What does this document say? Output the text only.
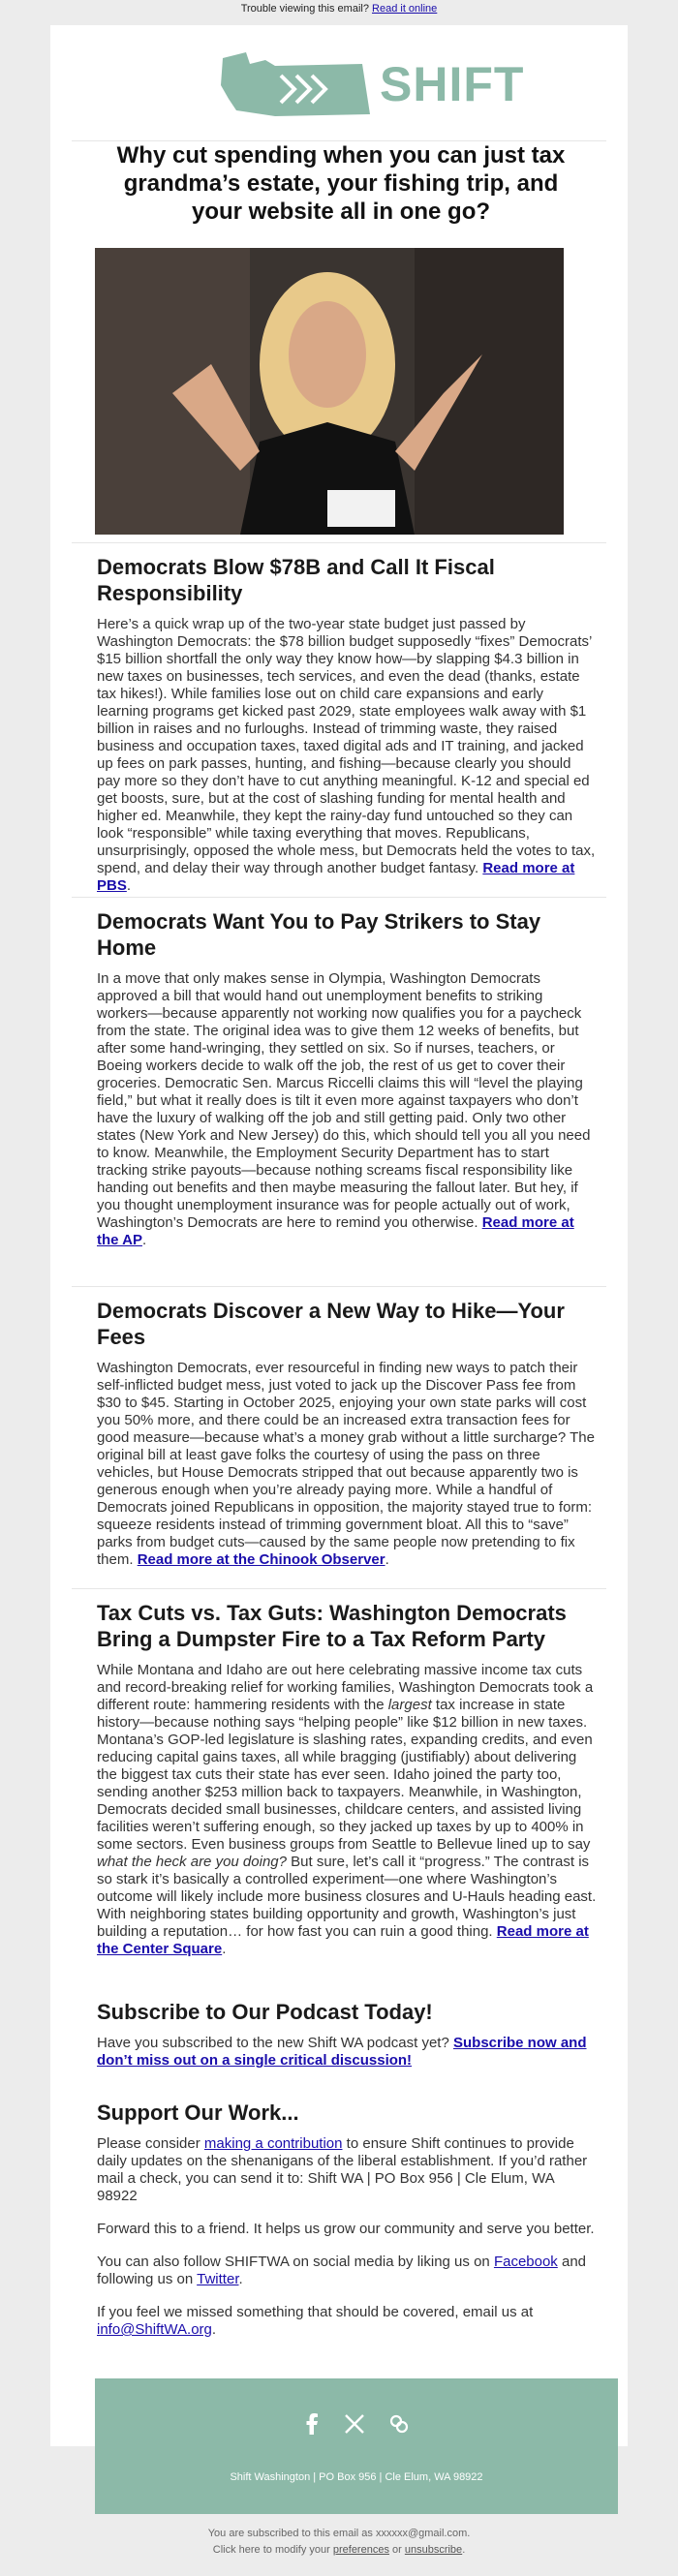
Trouble viewing this email? Read it online
SHIFT
Why cut spending when you can just tax grandma’s estate, your fishing trip, and your website all in one go?
Democrats Blow $78B and Call It Fiscal Responsibility

Here’s a quick wrap up of the two-year state budget just passed by Washington Democrats: the $78 billion budget supposedly “fixes” Democrats’ $15 billion shortfall the only way they know how—by slapping $4.3 billion in new taxes on businesses, tech services, and even the dead (thanks, estate tax hikes!). While families lose out on child care expansions and early learning programs get kicked past 2029, state employees walk away with $1 billion in raises and no furloughs. Instead of trimming waste, they raised business and occupation taxes, taxed digital ads and IT training, and jacked up fees on park passes, hunting, and fishing—because clearly you should pay more so they don’t have to cut anything meaningful. K-12 and special ed get boosts, sure, but at the cost of slashing funding for mental health and higher ed. Meanwhile, they kept the rainy-day fund untouched so they can look “responsible” while taxing everything that moves. Republicans, unsurprisingly, opposed the whole mess, but Democrats held the votes to tax, spend, and delay their way through another budget fantasy. Read more at PBS.

Democrats Want You to Pay Strikers to Stay Home

In a move that only makes sense in Olympia, Washington Democrats approved a bill that would hand out unemployment benefits to striking workers—because apparently not working now qualifies you for a paycheck from the state. The original idea was to give them 12 weeks of benefits, but after some hand-wringing, they settled on six. So if nurses, teachers, or Boeing workers decide to walk off the job, the rest of us get to cover their groceries. Democratic Sen. Marcus Riccelli claims this will “level the playing field,” but what it really does is tilt it even more against taxpayers who don’t have the luxury of walking off the job and still getting paid. Only two other states (New York and New Jersey) do this, which should tell you all you need to know. Meanwhile, the Employment Security Department has to start tracking strike payouts—because nothing screams fiscal responsibility like handing out benefits and then maybe measuring the fallout later. But hey, if you thought unemployment insurance was for people actually out of work, Washington’s Democrats are here to remind you otherwise. Read more at the AP.

Democrats Discover a New Way to Hike—Your Fees

Washington Democrats, ever resourceful in finding new ways to patch their self-inflicted budget mess, just voted to jack up the Discover Pass fee from $30 to $45. Starting in October 2025, enjoying your own state parks will cost you 50% more, and there could be an increased extra transaction fees for good measure—because what’s a money grab without a little surcharge? The original bill at least gave folks the courtesy of using the pass on three vehicles, but House Democrats stripped that out because apparently two is generous enough when you’re already paying more. While a handful of Democrats joined Republicans in opposition, the majority stayed true to form: squeeze residents instead of trimming government bloat. All this to “save” parks from budget cuts—caused by the same people now pretending to fix them. Read more at the Chinook Observer.

Tax Cuts vs. Tax Guts: Washington Democrats Bring a Dumpster Fire to a Tax Reform Party

While Montana and Idaho are out here celebrating massive income tax cuts and record-breaking relief for working families, Washington Democrats took a different route: hammering residents with the largest tax increase in state history—because nothing says “helping people” like $12 billion in new taxes. Montana’s GOP-led legislature is slashing rates, expanding credits, and even reducing capital gains taxes, all while bragging (justifiably) about delivering the biggest tax cuts their state has ever seen. Idaho joined the party too, sending another $253 million back to taxpayers. Meanwhile, in Washington, Democrats decided small businesses, childcare centers, and assisted living facilities weren’t suffering enough, so they jacked up taxes by up to 400% in some sectors. Even business groups from Seattle to Bellevue lined up to say what the heck are you doing? But sure, let’s call it “progress.” The contrast is so stark it’s basically a controlled experiment—one where Washington’s outcome will likely include more business closures and U-Hauls heading east. With neighboring states building opportunity and growth, Washington’s just building a reputation… for how fast you can ruin a good thing. Read more at the Center Square.

Subscribe to Our Podcast Today!

Have you subscribed to the new Shift WA podcast yet? Subscribe now and don’t miss out on a single critical discussion!

Support Our Work...

Please consider making a contribution to ensure Shift continues to provide daily updates on the shenanigans of the liberal establishment. If you’d rather mail a check, you can send it to: Shift WA | PO Box 956 | Cle Elum, WA 98922

Forward this to a friend. It helps us grow our community and serve you better.

You can also follow SHIFTWA on social media by liking us on Facebook and following us on Twitter.

If you feel we missed something that should be covered, email us at info@ShiftWA.org.

Shift Washington | PO Box 956 | Cle Elum, WA 98922
You are subscribed to this email as xxxxxx@gmail.com.
Click here to modify your preferences or unsubscribe.
